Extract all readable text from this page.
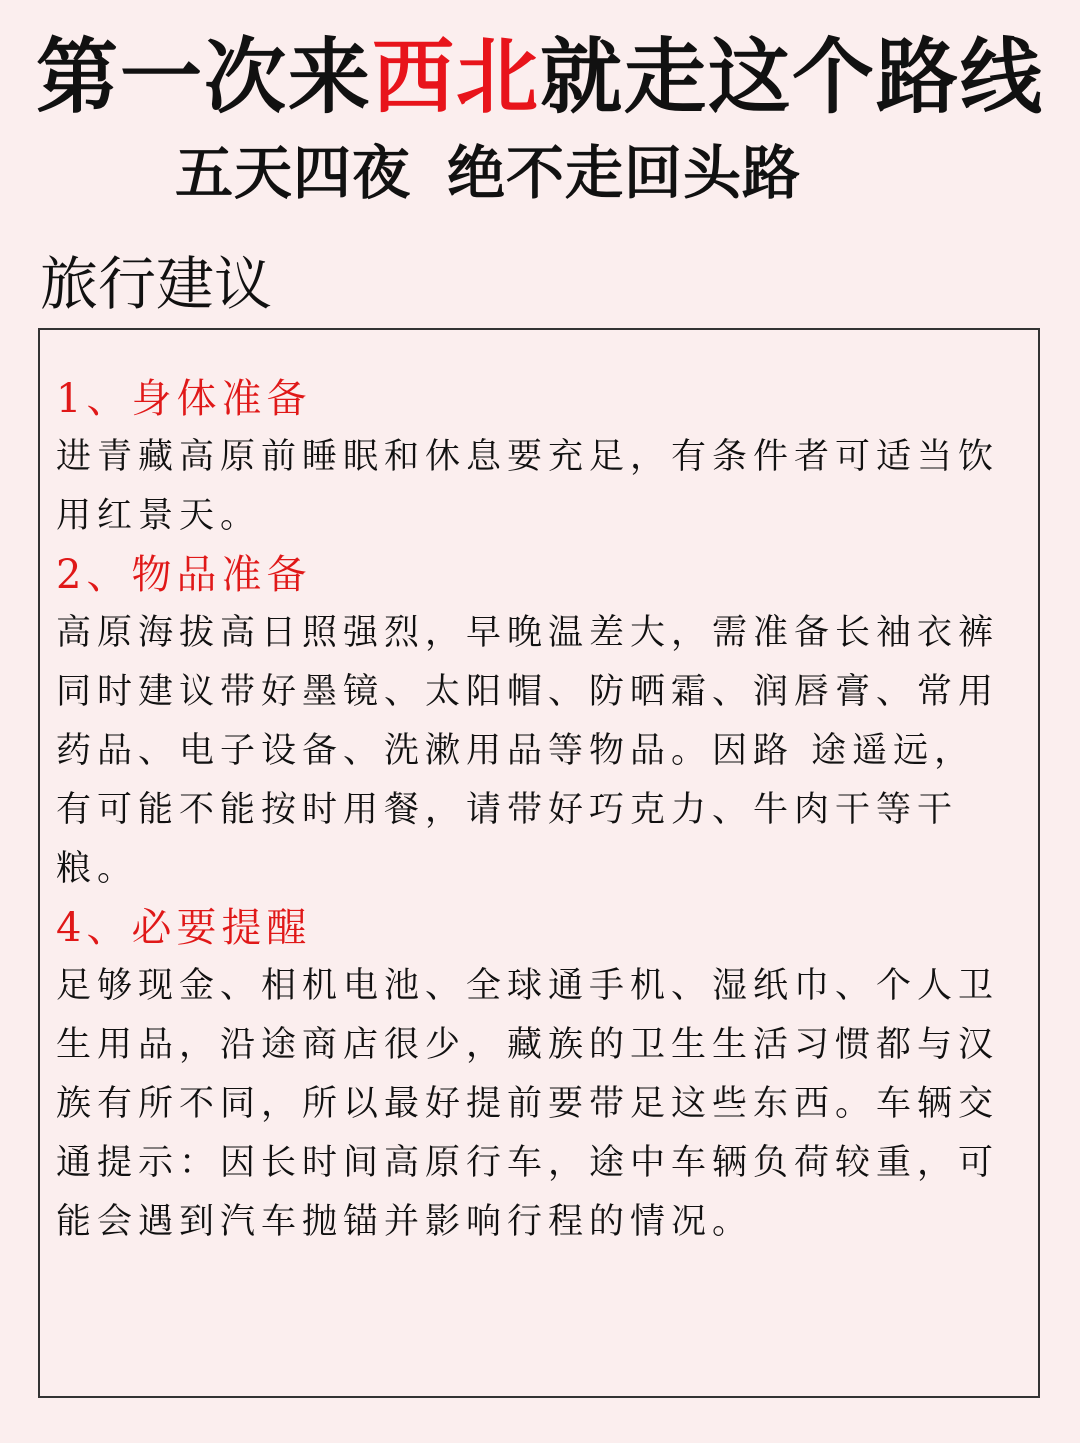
第一次来西北就走这个路线
五天四夜 绝不走回头路
旅行建议
1、身体准备
进青藏高原前睡眠和休息要充足，有条件者可适当饮用红景天。
2、物品准备
高原海拔高日照强烈，早晚温差大，需准备长袖衣裤同时建议带好墨镜、太阳帽、防晒霜、润唇膏、常用药品、电子设备、洗漱用品等物品。因路 途遥远，有可能不能按时用餐，请带好巧克力、牛肉干等干粮。
4、必要提醒
足够现金、相机电池、全球通手机、湿纸巾、个人卫生用品，沿途商店很少，藏族的卫生生活习惯都与汉族有所不同，所以最好提前要带足这些东西。车辆交通提示：因长时间高原行车，途中车辆负荷较重，可能会遇到汽车抛锚并影响行程的情况。
